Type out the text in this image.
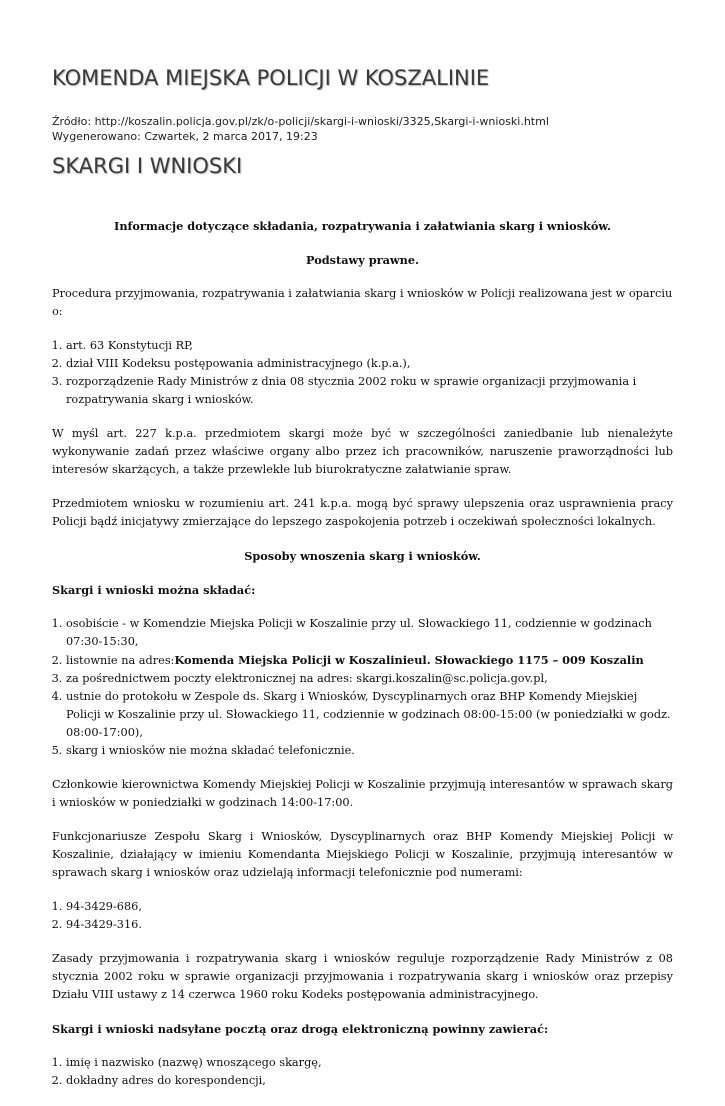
KOMENDA MIEJSKA POLICJI W KOSZALINIE
Źródło: http://koszalin.policja.gov.pl/zk/o-policji/skargi-i-wnioski/3325,Skargi-i-wnioski.html
Wygenerowano: Czwartek, 2 marca 2017, 19:23
SKARGI I WNIOSKI

Informacje dotyczące składania, rozpatrywania i załatwiania skarg i wniosków.

Podstawy prawne.

Procedura przyjmowania, rozpatrywania i załatwiania skarg i wniosków w Policji realizowana jest w oparciu o:

1. art. 63 Konstytucji RP,
2. dział VIII Kodeksu postępowania administracyjnego (k.p.a.),
3. rozporządzenie Rady Ministrów z dnia 08 stycznia 2002 roku w sprawie organizacji przyjmowania i rozpatrywania skarg i wniosków.

W myśl art. 227 k.p.a. przedmiotem skargi może być w szczególności zaniedbanie lub nienależyte wykonywanie zadań przez właściwe organy albo przez ich pracowników, naruszenie praworządności lub interesów skarżących, a także przewlekłe lub biurokratyczne załatwianie spraw.

Przedmiotem wniosku w rozumieniu art. 241 k.p.a. mogą być sprawy ulepszenia oraz usprawnienia pracy Policji bądź inicjatywy zmierzające do lepszego zaspokojenia potrzeb i oczekiwań społeczności lokalnych.

Sposoby wnoszenia skarg i wniosków.

Skargi i wnioski można składać:

1. osobiście - w Komendzie Miejska Policji w Koszalinie przy ul. Słowackiego 11, codziennie w godzinach 07:30-15:30,
2. listownie na adres:Komenda Miejska Policji w Koszalinieul. Słowackiego 1175 – 009 Koszalin
3. za pośrednictwem poczty elektronicznej na adres: skargi.koszalin@sc.policja.gov.pl,
4. ustnie do protokołu w Zespole ds. Skarg i Wniosków, Dyscyplinarnych oraz BHP Komendy Miejskiej Policji w Koszalinie przy ul. Słowackiego 11, codziennie w godzinach 08:00-15:00 (w poniedziałki w godz. 08:00-17:00),
5. skarg i wniosków nie można składać telefonicznie.

Członkowie kierownictwa Komendy Miejskiej Policji w Koszalinie przyjmują interesantów w sprawach skarg i wniosków w poniedziałki w godzinach 14:00-17:00.

Funkcjonariusze Zespołu Skarg i Wniosków, Dyscyplinarnych oraz BHP Komendy Miejskiej Policji w Koszalinie, działający w imieniu Komendanta Miejskiego Policji w Koszalinie, przyjmują interesantów w sprawach skarg i wniosków oraz udzielają informacji telefonicznie pod numerami:

1. 94-3429-686,
2. 94-3429-316.

Zasady przyjmowania i rozpatrywania skarg i wniosków reguluje rozporządzenie Rady Ministrów z 08 stycznia 2002 roku w sprawie organizacji przyjmowania i rozpatrywania skarg i wniosków oraz przepisy Działu VIII ustawy z 14 czerwca 1960 roku Kodeks postępowania administracyjnego.

Skargi i wnioski nadsyłane pocztą oraz drogą elektroniczną powinny zawierać:

1. imię i nazwisko (nazwę) wnoszącego skargę,
2. dokładny adres do korespondencji,
